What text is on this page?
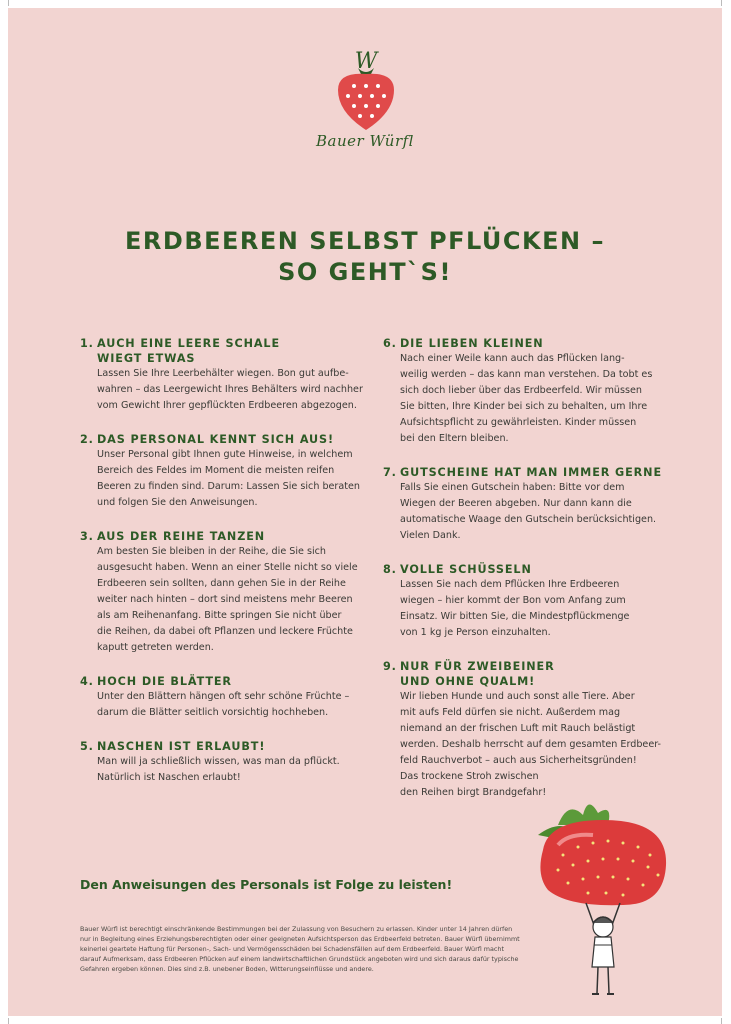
W
Bauer Würfl
ERDBEEREN SELBST PFLÜCKEN –
SO GEHT`S!
1. AUCH EINE LEERE SCHALE
WIEGT ETWAS

Lassen Sie Ihre Leerbehälter wiegen. Bon gut aufbe-
wahren – das Leergewicht Ihres Behälters wird nachher
vom Gewicht Ihrer gepflückten Erdbeeren abgezogen.

2. DAS PERSONAL KENNT SICH AUS!

Unser Personal gibt Ihnen gute Hinweise, in welchem
Bereich des Feldes im Moment die meisten reifen
Beeren zu finden sind. Darum: Lassen Sie sich beraten
und folgen Sie den Anweisungen.

3. AUS DER REIHE TANZEN

Am besten Sie bleiben in der Reihe, die Sie sich
ausgesucht haben. Wenn an einer Stelle nicht so viele
Erdbeeren sein sollten, dann gehen Sie in der Reihe
weiter nach hinten – dort sind meistens mehr Beeren
als am Reihenanfang. Bitte springen Sie nicht über
die Reihen, da dabei oft Pflanzen und leckere Früchte
kaputt getreten werden.

4. HOCH DIE BLÄTTER

Unter den Blättern hängen oft sehr schöne Früchte –
darum die Blätter seitlich vorsichtig hochheben.

5. NASCHEN IST ERLAUBT!

Man will ja schließlich wissen, was man da pflückt.
Natürlich ist Naschen erlaubt!

6. DIE LIEBEN KLEINEN

Nach einer Weile kann auch das Pflücken lang-
weilig werden – das kann man verstehen. Da tobt es
sich doch lieber über das Erdbeerfeld. Wir müssen
Sie bitten, Ihre Kinder bei sich zu behalten, um Ihre
Aufsichtspflicht zu gewährleisten. Kinder müssen
bei den Eltern bleiben.

7. GUTSCHEINE HAT MAN IMMER GERNE

Falls Sie einen Gutschein haben: Bitte vor dem
Wiegen der Beeren abgeben. Nur dann kann die
automatische Waage den Gutschein berücksichtigen.
Vielen Dank.

8. VOLLE SCHÜSSELN

Lassen Sie nach dem Pflücken Ihre Erdbeeren
wiegen – hier kommt der Bon vom Anfang zum
Einsatz. Wir bitten Sie, die Mindestpflückmenge
von 1 kg je Person einzuhalten.

9. NUR FÜR ZWEIBEINER
UND OHNE QUALM!

Wir lieben Hunde und auch sonst alle Tiere. Aber
mit aufs Feld dürfen sie nicht. Außerdem mag
niemand an der frischen Luft mit Rauch belästigt
werden. Deshalb herrscht auf dem gesamten Erdbeer-
feld Rauchverbot – auch aus Sicherheitsgründen!
Das trockene Stroh zwischen
den Reihen birgt Brandgefahr!

Den Anweisungen des Personals ist Folge zu leisten!
Bauer Würfl ist berechtigt einschränkende Bestimmungen bei der Zulassung von Besuchern zu erlassen. Kinder unter 14 Jahren dürfen
nur in Begleitung eines Erziehungsberechtigten oder einer geeigneten Aufsichtsperson das Erdbeerfeld betreten. Bauer Würfl übernimmt
keinerlei geartete Haftung für Personen-, Sach- und Vermögensschäden bei Schadensfällen auf dem Erdbeerfeld. Bauer Würfl macht
darauf Aufmerksam, dass Erdbeeren Pflücken auf einem landwirtschaftlichen Grundstück angeboten wird und sich daraus dafür typische
Gefahren ergeben können. Dies sind z.B. unebener Boden, Witterungseinflüsse und andere.
